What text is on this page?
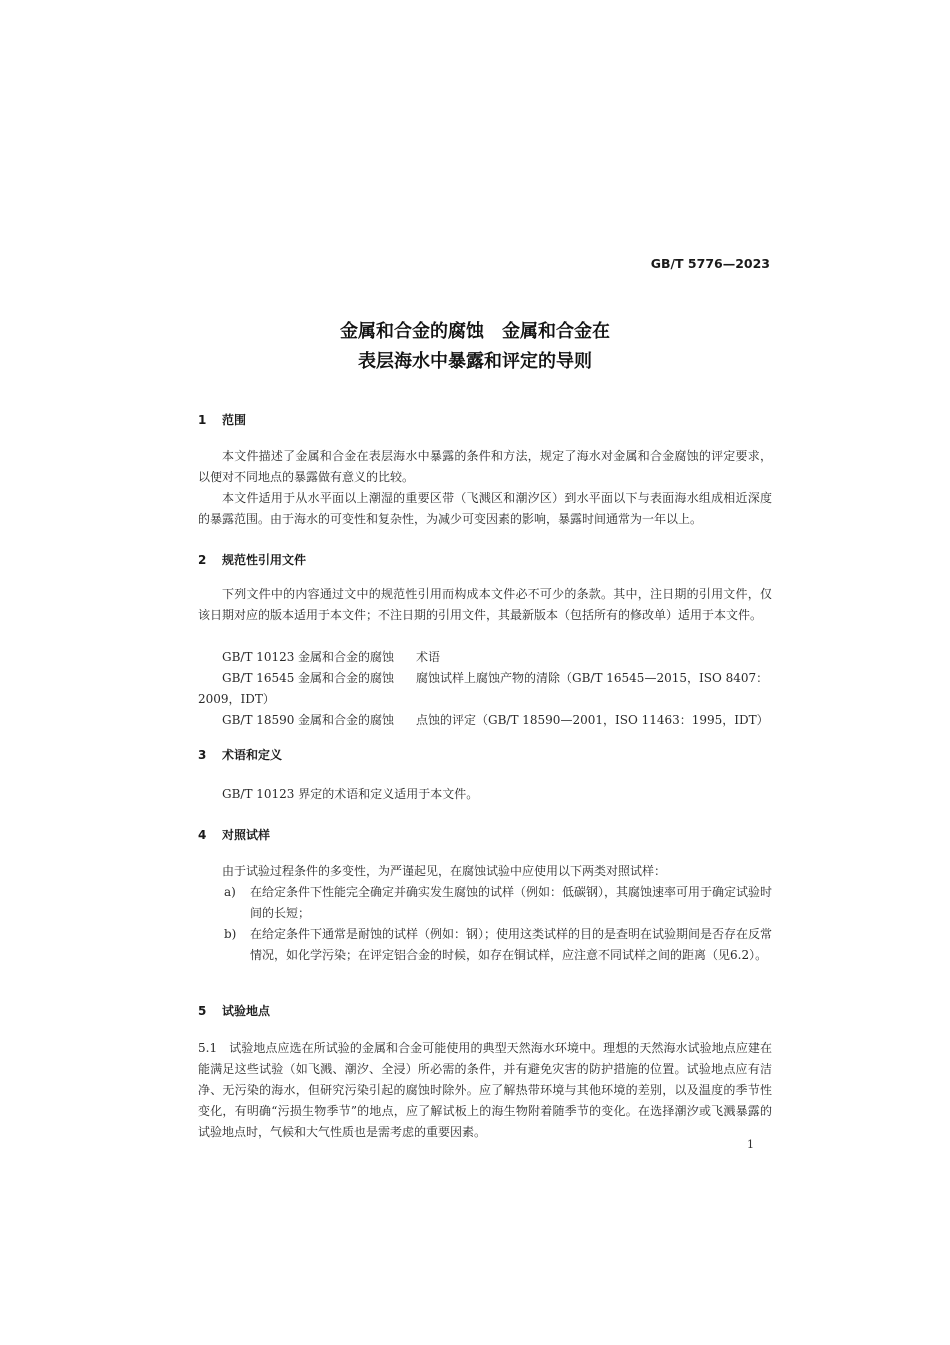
GB/T 5776—2023
金属和合金的腐蚀　金属和合金在
表层海水中暴露和评定的导则
1 范围

本文件描述了金属和合金在表层海水中暴露的条件和方法，规定了海水对金属和合金腐蚀的评定要求，以便对不同地点的暴露做有意义的比较。

本文件适用于从水平面以上潮湿的重要区带（飞溅区和潮汐区）到水平面以下与表面海水组成相近深度的暴露范围。由于海水的可变性和复杂性，为减少可变因素的影响，暴露时间通常为一年以上。

2 规范性引用文件

下列文件中的内容通过文中的规范性引用而构成本文件必不可少的条款。其中，注日期的引用文件，仅该日期对应的版本适用于本文件；不注日期的引用文件，其最新版本（包括所有的修改单）适用于本文件。

GB/T 10123 金属和合金的腐蚀 术语
GB/T 16545 金属和合金的腐蚀 腐蚀试样上腐蚀产物的清除（GB/T 16545—2015，ISO 8407：
2009，IDT）
GB/T 18590 金属和合金的腐蚀 点蚀的评定（GB/T 18590—2001，ISO 11463：1995，IDT）
3 术语和定义

GB/T 10123 界定的术语和定义适用于本文件。

4 对照试样

由于试验过程条件的多变性，为严谨起见，在腐蚀试验中应使用以下两类对照试样：

a) 在给定条件下性能完全确定并确实发生腐蚀的试样（例如：低碳钢），其腐蚀速率可用于确定试验时间的长短；
b) 在给定条件下通常是耐蚀的试样（例如：钢）；使用这类试样的目的是查明在试验期间是否存在反常情况，如化学污染；在评定铝合金的时候，如存在铜试样，应注意不同试样之间的距离（见6.2）。
5 试验地点

5.1　 试验地点应选在所试验的金属和合金可能使用的典型天然海水环境中。理想的天然海水试验地点应建在能满足这些试验（如飞溅、潮汐、全浸）所必需的条件，并有避免灾害的防护措施的位置。试验地点应有洁净、无污染的海水，但研究污染引起的腐蚀时除外。应了解热带环境与其他环境的差别，以及温度的季节性变化，有明确“污损生物季节”的地点，应了解试板上的海生物附着随季节的变化。在选择潮汐或飞溅暴露的试验地点时，气候和大气性质也是需考虑的重要因素。

1
